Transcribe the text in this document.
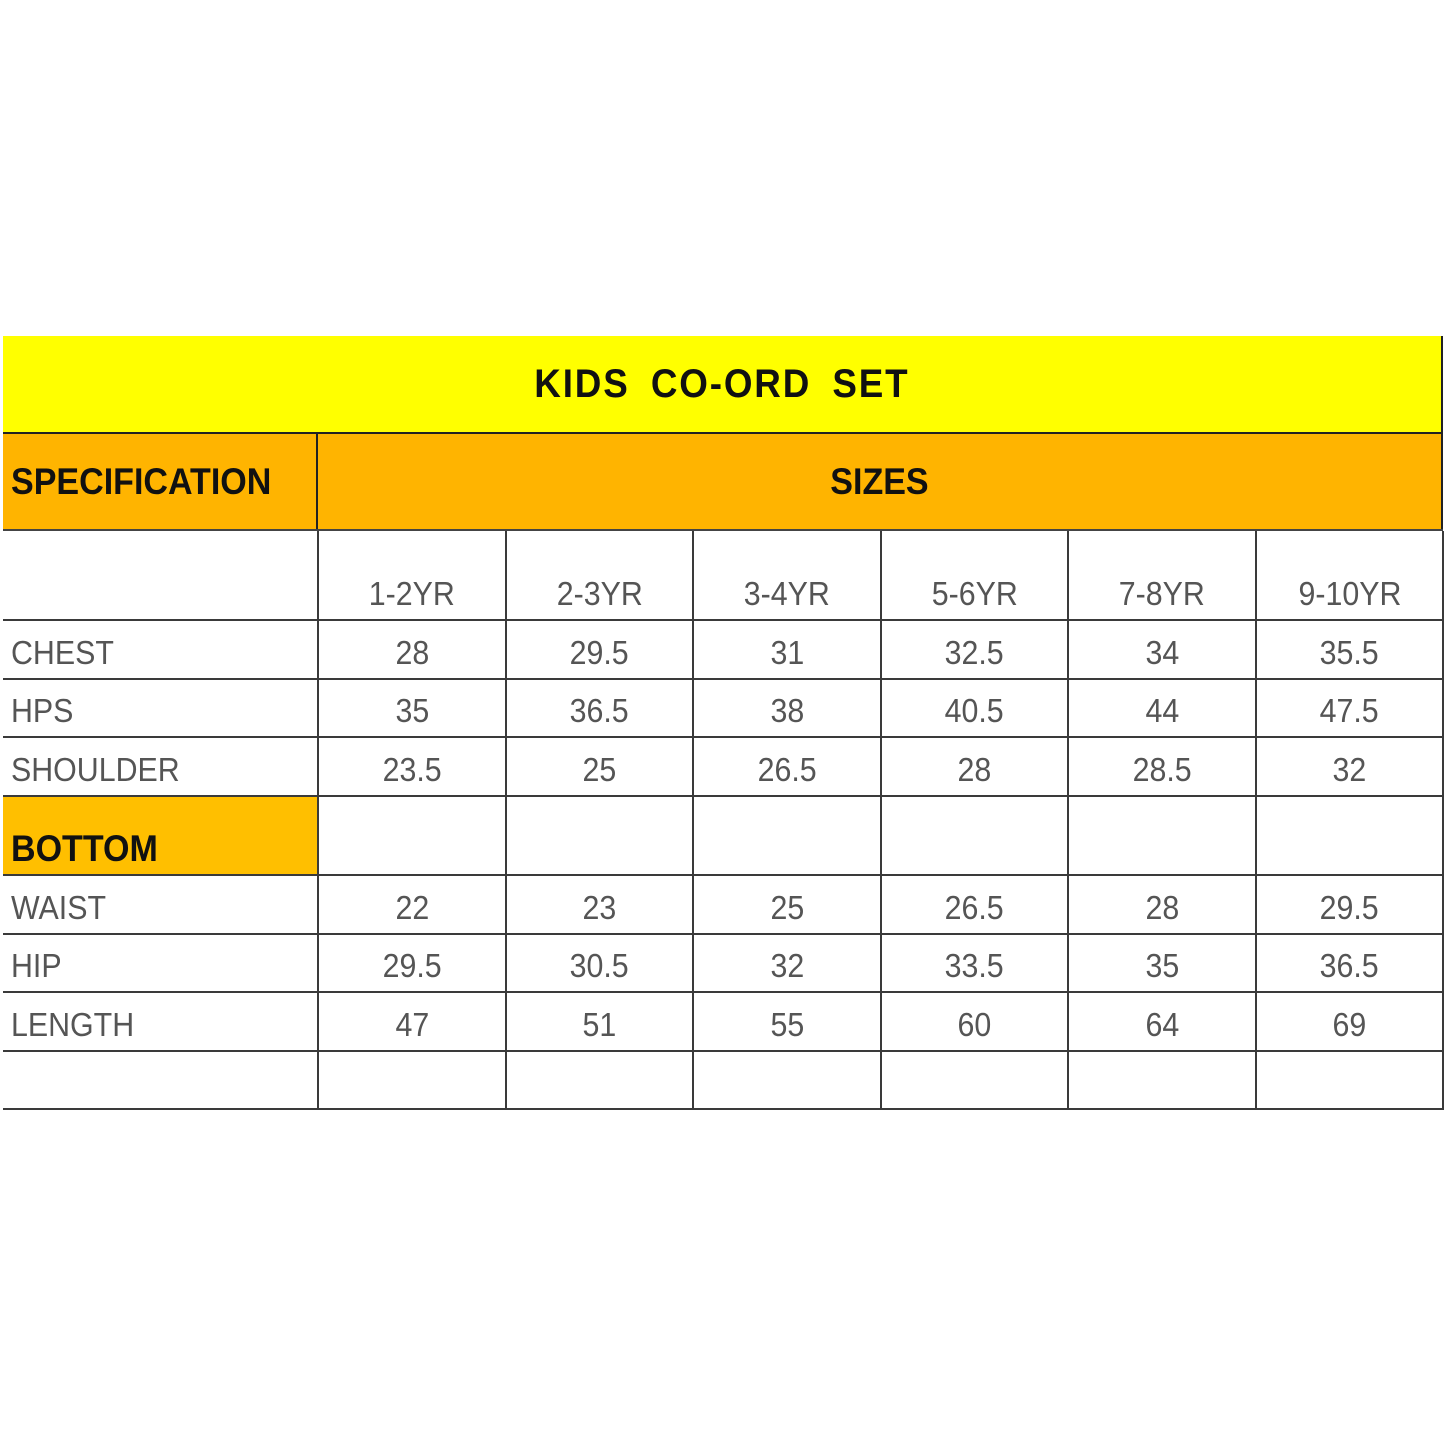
KIDS CO-ORD SET
SPECIFICATION	SIZES
	1-2YR	2-3YR	3-4YR	5-6YR	7-8YR	9-10YR
CHEST	28	29.5	31	32.5	34	35.5
HPS	35	36.5	38	40.5	44	47.5
SHOULDER	23.5	25	26.5	28	28.5	32
BOTTOM						
WAIST	22	23	25	26.5	28	29.5
HIP	29.5	30.5	32	33.5	35	36.5
LENGTH	47	51	55	60	64	69
